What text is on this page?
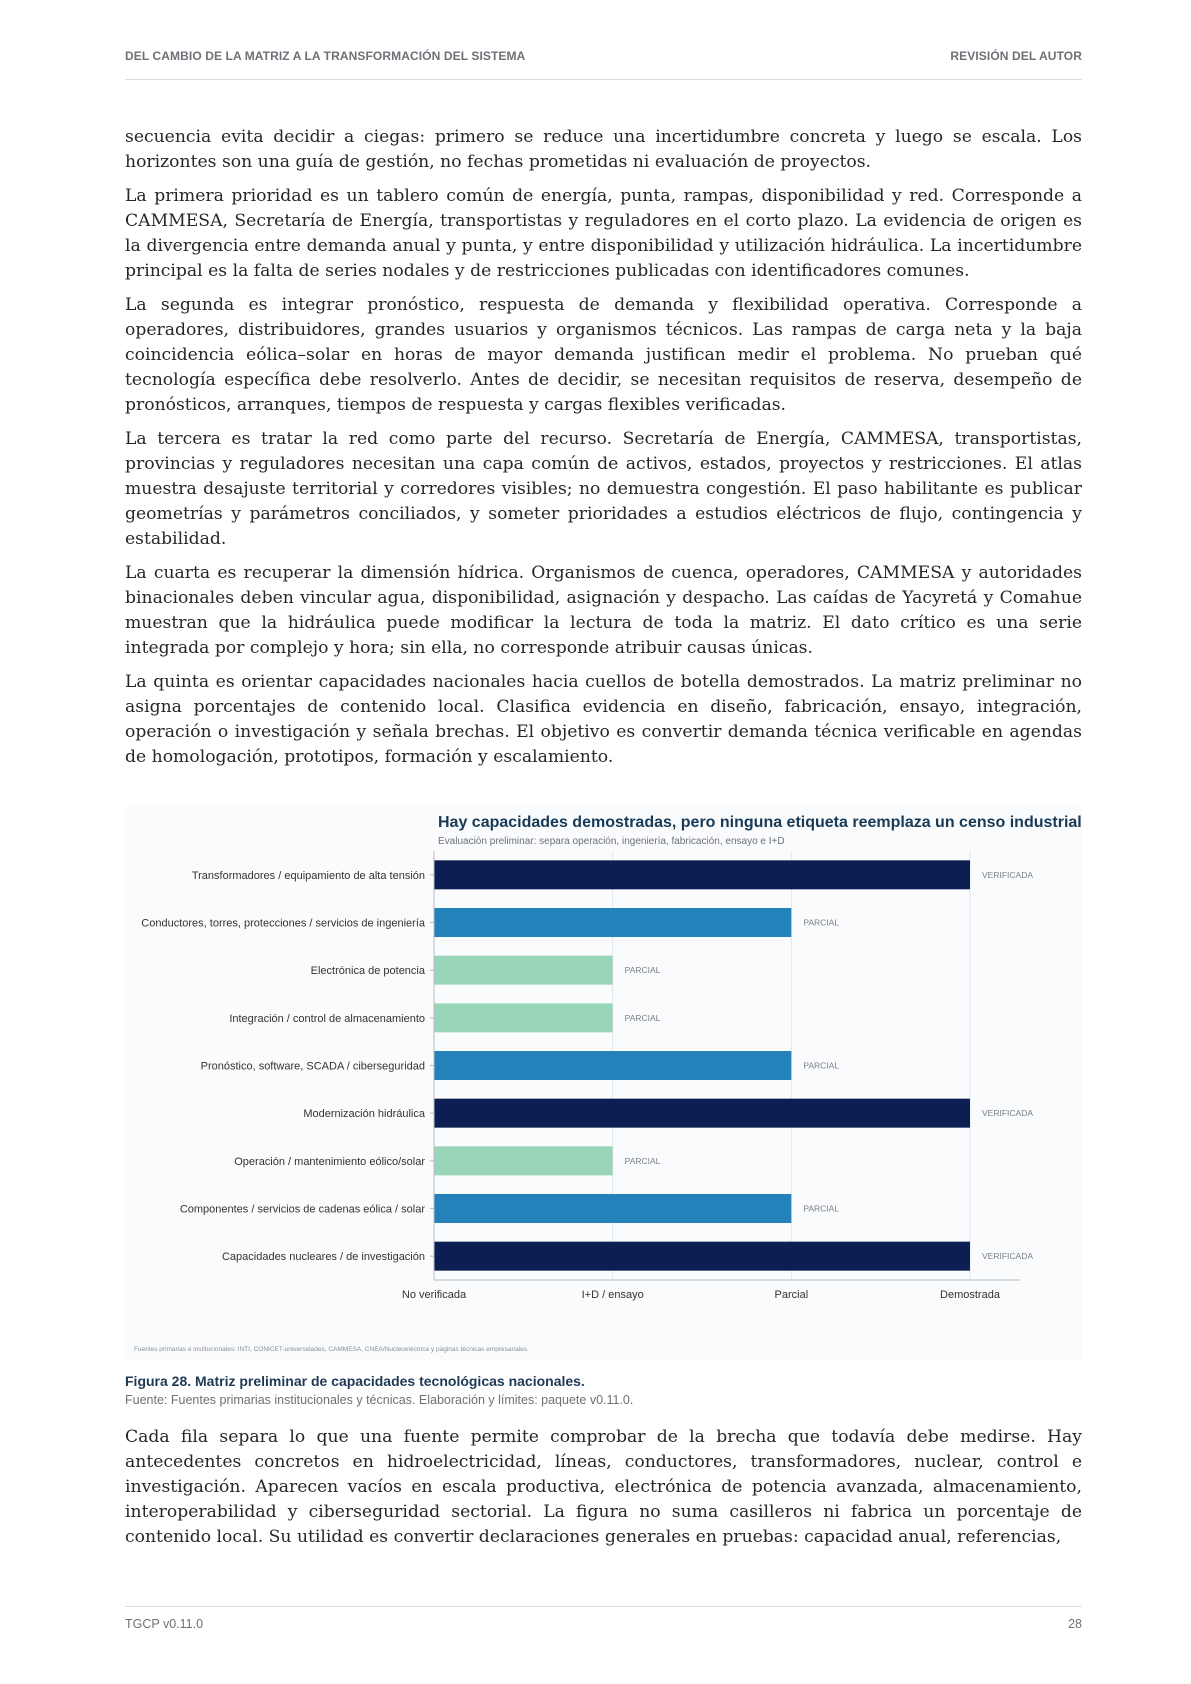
DEL CAMBIO DE LA MATRIZ A LA TRANSFORMACIÓN DEL SISTEMA	REVISIÓN DEL AUTOR

secuencia evita decidir a ciegas: primero se reduce una incertidumbre concreta y luego se escala. Los horizontes son una guía de gestión, no fechas prometidas ni evaluación de proyectos.

La primera prioridad es un tablero común de energía, punta, rampas, disponibilidad y red. Corresponde a CAMMESA, Secretaría de Energía, transportistas y reguladores en el corto plazo. La evidencia de origen es la divergencia entre demanda anual y punta, y entre disponibilidad y utilización hidráulica. La incertidumbre principal es la falta de series nodales y de restricciones publicadas con identificadores comunes.

La segunda es integrar pronóstico, respuesta de demanda y flexibilidad operativa. Corresponde a operadores, distribuidores, grandes usuarios y organismos técnicos. Las rampas de carga neta y la baja coincidencia eólica–solar en horas de mayor demanda justifican medir el problema. No prueban qué tecnología específica debe resolverlo. Antes de decidir, se necesitan requisitos de reserva, desempeño de pronósticos, arranques, tiempos de respuesta y cargas flexibles verificadas.

La tercera es tratar la red como parte del recurso. Secretaría de Energía, CAMMESA, transportistas, provincias y reguladores necesitan una capa común de activos, estados, proyectos y restricciones. El atlas muestra desajuste territorial y corredores visibles; no demuestra congestión. El paso habilitante es publicar geometrías y parámetros conciliados, y someter prioridades a estudios eléctricos de flujo, contingencia y estabilidad.

La cuarta es recuperar la dimensión hídrica. Organismos de cuenca, operadores, CAMMESA y autoridades binacionales deben vincular agua, disponibilidad, asignación y despacho. Las caídas de Yacyretá y Comahue muestran que la hidráulica puede modificar la lectura de toda la matriz. El dato crítico es una serie integrada por complejo y hora; sin ella, no corresponde atribuir causas únicas.

La quinta es orientar capacidades nacionales hacia cuellos de botella demostrados. La matriz preliminar no asigna porcentajes de contenido local. Clasifica evidencia en diseño, fabricación, ensayo, integración, operación o investigación y señala brechas. El objetivo es convertir demanda técnica verificable en agendas de homologación, prototipos, formación y escalamiento.

VERIFICADA
PARCIAL
PARCIAL
PARCIAL
PARCIAL
VERIFICADA
PARCIAL
PARCIAL
VERIFICADA
No verificada	I+D / ensayo	Parcial	Demostrada
Transformadores / equipamiento de alta tensión
Conductores, torres, protecciones / servicios de ingeniería
Electrónica de potencia
Integración / control de almacenamiento
Pronóstico, software, SCADA / ciberseguridad
Modernización hidráulica
Operación / mantenimiento eólico/solar
Componentes / servicios de cadenas eólica / solar
Capacidades nucleares / de investigación
Hay capacidades demostradas, pero ninguna etiqueta reemplaza un censo industrial
Evaluación preliminar: separa operación, ingeniería, fabricación, ensayo e I+D
Fuentes primarias e institucionales: INTI, CONICET-universidades, CAMMESA, CNEA/Nucleoeléctrica y páginas técnicas empresariales.
Figura 28. Matriz preliminar de capacidades tecnológicas nacionales.
Fuente: Fuentes primarias institucionales y técnicas. Elaboración y límites: paquete v0.11.0.

Cada fila separa lo que una fuente permite comprobar de la brecha que todavía debe medirse. Hay antecedentes concretos en hidroelectricidad, líneas, conductores, transformadores, nuclear, control e investigación. Aparecen vacíos en escala productiva, electrónica de potencia avanzada, almacenamiento, interoperabilidad y ciberseguridad sectorial. La figura no suma casilleros ni fabrica un porcentaje de contenido local. Su utilidad es convertir declaraciones generales en pruebas: capacidad anual, referencias,

TGCP v0.11.0	28
